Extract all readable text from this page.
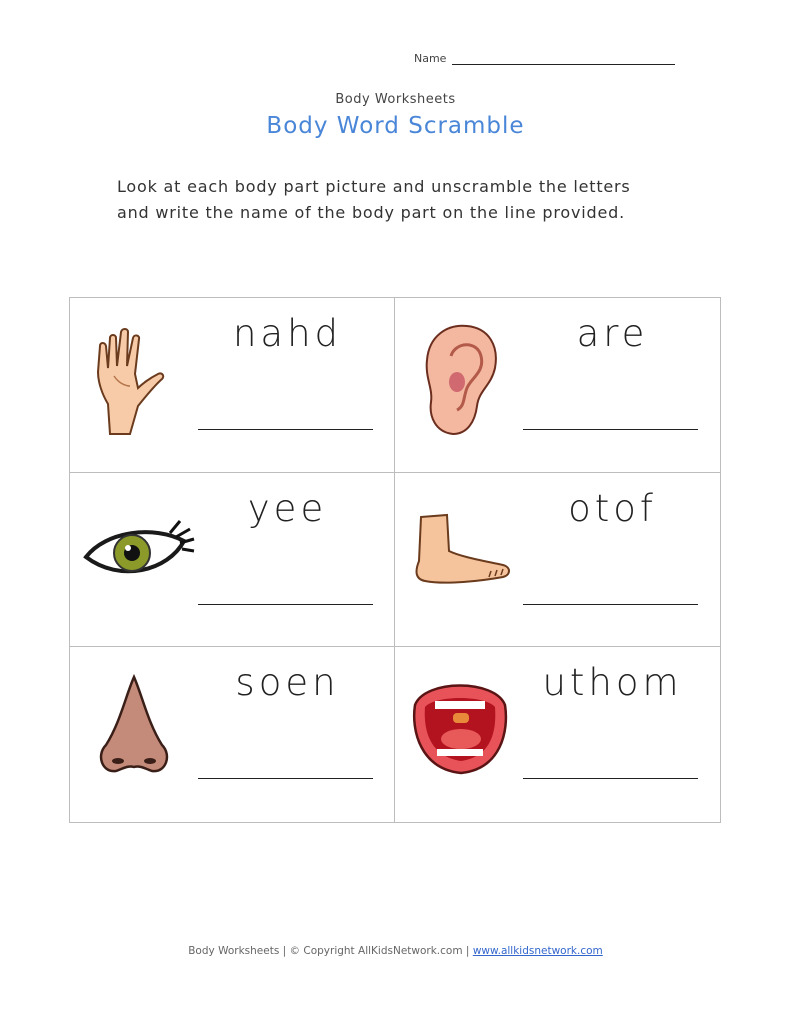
Name
Body Worksheets
Body Word Scramble
Look at each body part picture and unscramble the letters and write the name of the body part on the line provided.
nahd	are
yee	otof
soen	uthom
Body Worksheets | © Copyright AllKidsNetwork.com | www.allkidsnetwork.com
